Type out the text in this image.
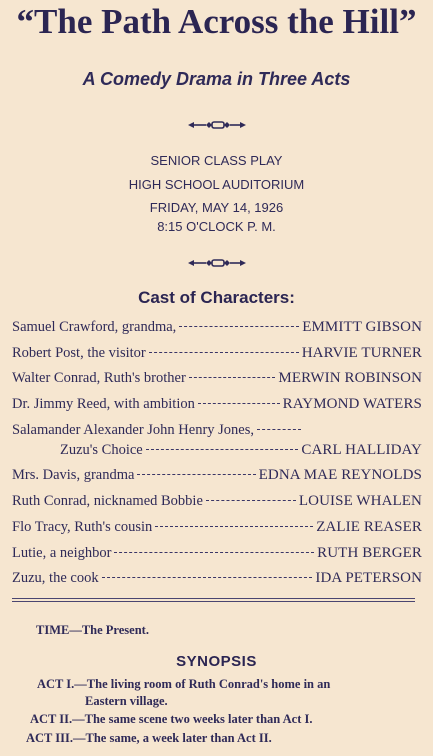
“The Path Across the Hill”
A Comedy Drama in Three Acts
SENIOR CLASS PLAY
HIGH SCHOOL AUDITORIUM
FRIDAY, MAY 14, 1926
8:15 O'CLOCK P. M.
Cast of Characters:
Samuel Crawford, grandma,	EMMITT GIBSON
Robert Post, the visitor	HARVIE TURNER
Walter Conrad, Ruth's brother	MERWIN ROBINSON
Dr. Jimmy Reed, with ambition	RAYMOND WATERS
Salamander Alexander John Henry Jones,
Zuzu's Choice	CARL HALLIDAY
Mrs. Davis, grandma	EDNA MAE REYNOLDS
Ruth Conrad, nicknamed Bobbie	LOUISE WHALEN
Flo Tracy, Ruth's cousin	ZALIE REASER
Lutie, a neighbor	RUTH BERGER
Zuzu, the cook	IDA PETERSON
TIME—The Present.
SYNOPSIS
ACT I.—The living room of Ruth Conrad's home in an
Eastern village.
ACT II.—The same scene two weeks later than Act I.
ACT III.—The same, a week later than Act II.
